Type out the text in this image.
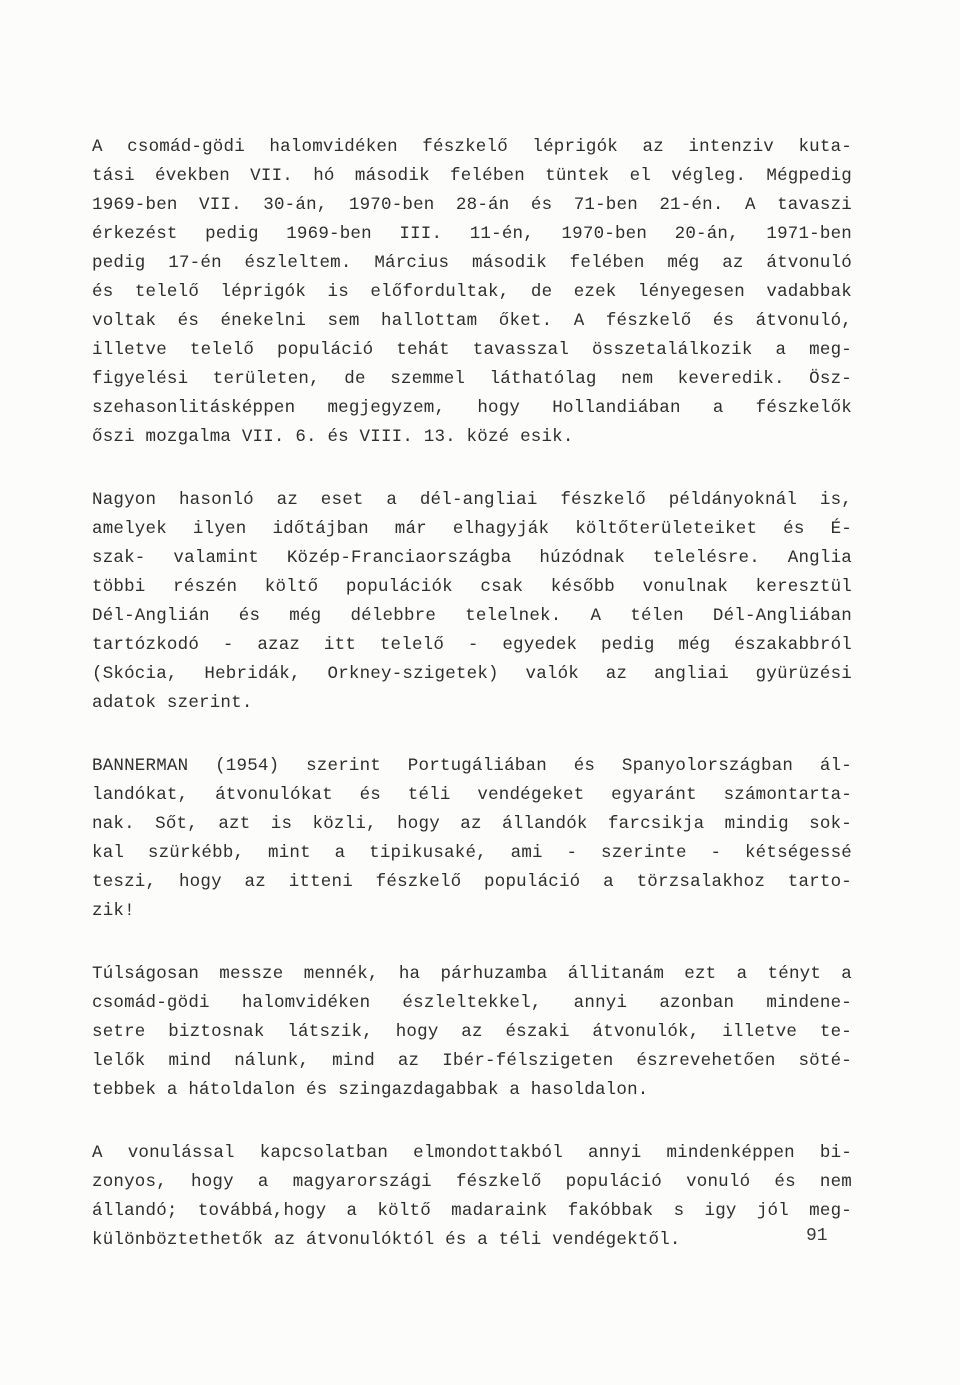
A csomád-gödi halomvidéken fészkelő léprigók az intenziv kuta-
tási években VII. hó második felében tüntek el végleg. Mégpedig
1969-ben VII. 30-án, 1970-ben 28-án és 71-ben 21-én. A tavaszi
érkezést pedig 1969-ben III. 11-én, 1970-ben 20-án, 1971-ben
pedig 17-én észleltem. Március második felében még az átvonuló
és telelő léprigók is előfordultak, de ezek lényegesen vadabbak
voltak és énekelni sem hallottam őket. A fészkelő és átvonuló,
illetve telelő populáció tehát tavasszal összetalálkozik a meg-
figyelési területen, de szemmel láthatólag nem keveredik. Ösz-
szehasonlitásképpen megjegyzem, hogy Hollandiában a fészkelők
őszi mozgalma VII. 6. és VIII. 13. közé esik.
Nagyon hasonló az eset a dél-angliai fészkelő példányoknál is,
amelyek ilyen időtájban már elhagyják költőterületeiket és É-
szak- valamint Közép-Franciaországba húzódnak telelésre. Anglia
többi részén költő populációk csak később vonulnak keresztül
Dél-Anglián és még délebbre telelnek. A télen Dél-Angliában
tartózkodó - azaz itt telelő - egyedek pedig még északabbról
(Skócia, Hebridák, Orkney-szigetek) valók az angliai gyürüzési
adatok szerint.
BANNERMAN (1954) szerint Portugáliában és Spanyolországban ál-
landókat, átvonulókat és téli vendégeket egyaránt számontarta-
nak. Sőt, azt is közli, hogy az állandók farcsikja mindig sok-
kal szürkébb, mint a tipikusaké, ami - szerinte - kétségessé
teszi, hogy az itteni fészkelő populáció a törzsalakhoz tarto-
zik!
Túlságosan messze mennék, ha párhuzamba állitanám ezt a tényt a
csomád-gödi halomvidéken észleltekkel, annyi azonban mindene-
setre biztosnak látszik, hogy az északi átvonulók, illetve te-
lelők mind nálunk, mind az Ibér-félszigeten észrevehetően söté-
tebbek a hátoldalon és szingazdagabbak a hasoldalon.
A vonulással kapcsolatban elmondottakból annyi mindenképpen bi-
zonyos, hogy a magyarországi fészkelő populáció vonuló és nem
állandó; továbbá,hogy a költő madaraink fakóbbak s igy jól meg-
különböztethetők az átvonulóktól és a téli vendégektől.	91
